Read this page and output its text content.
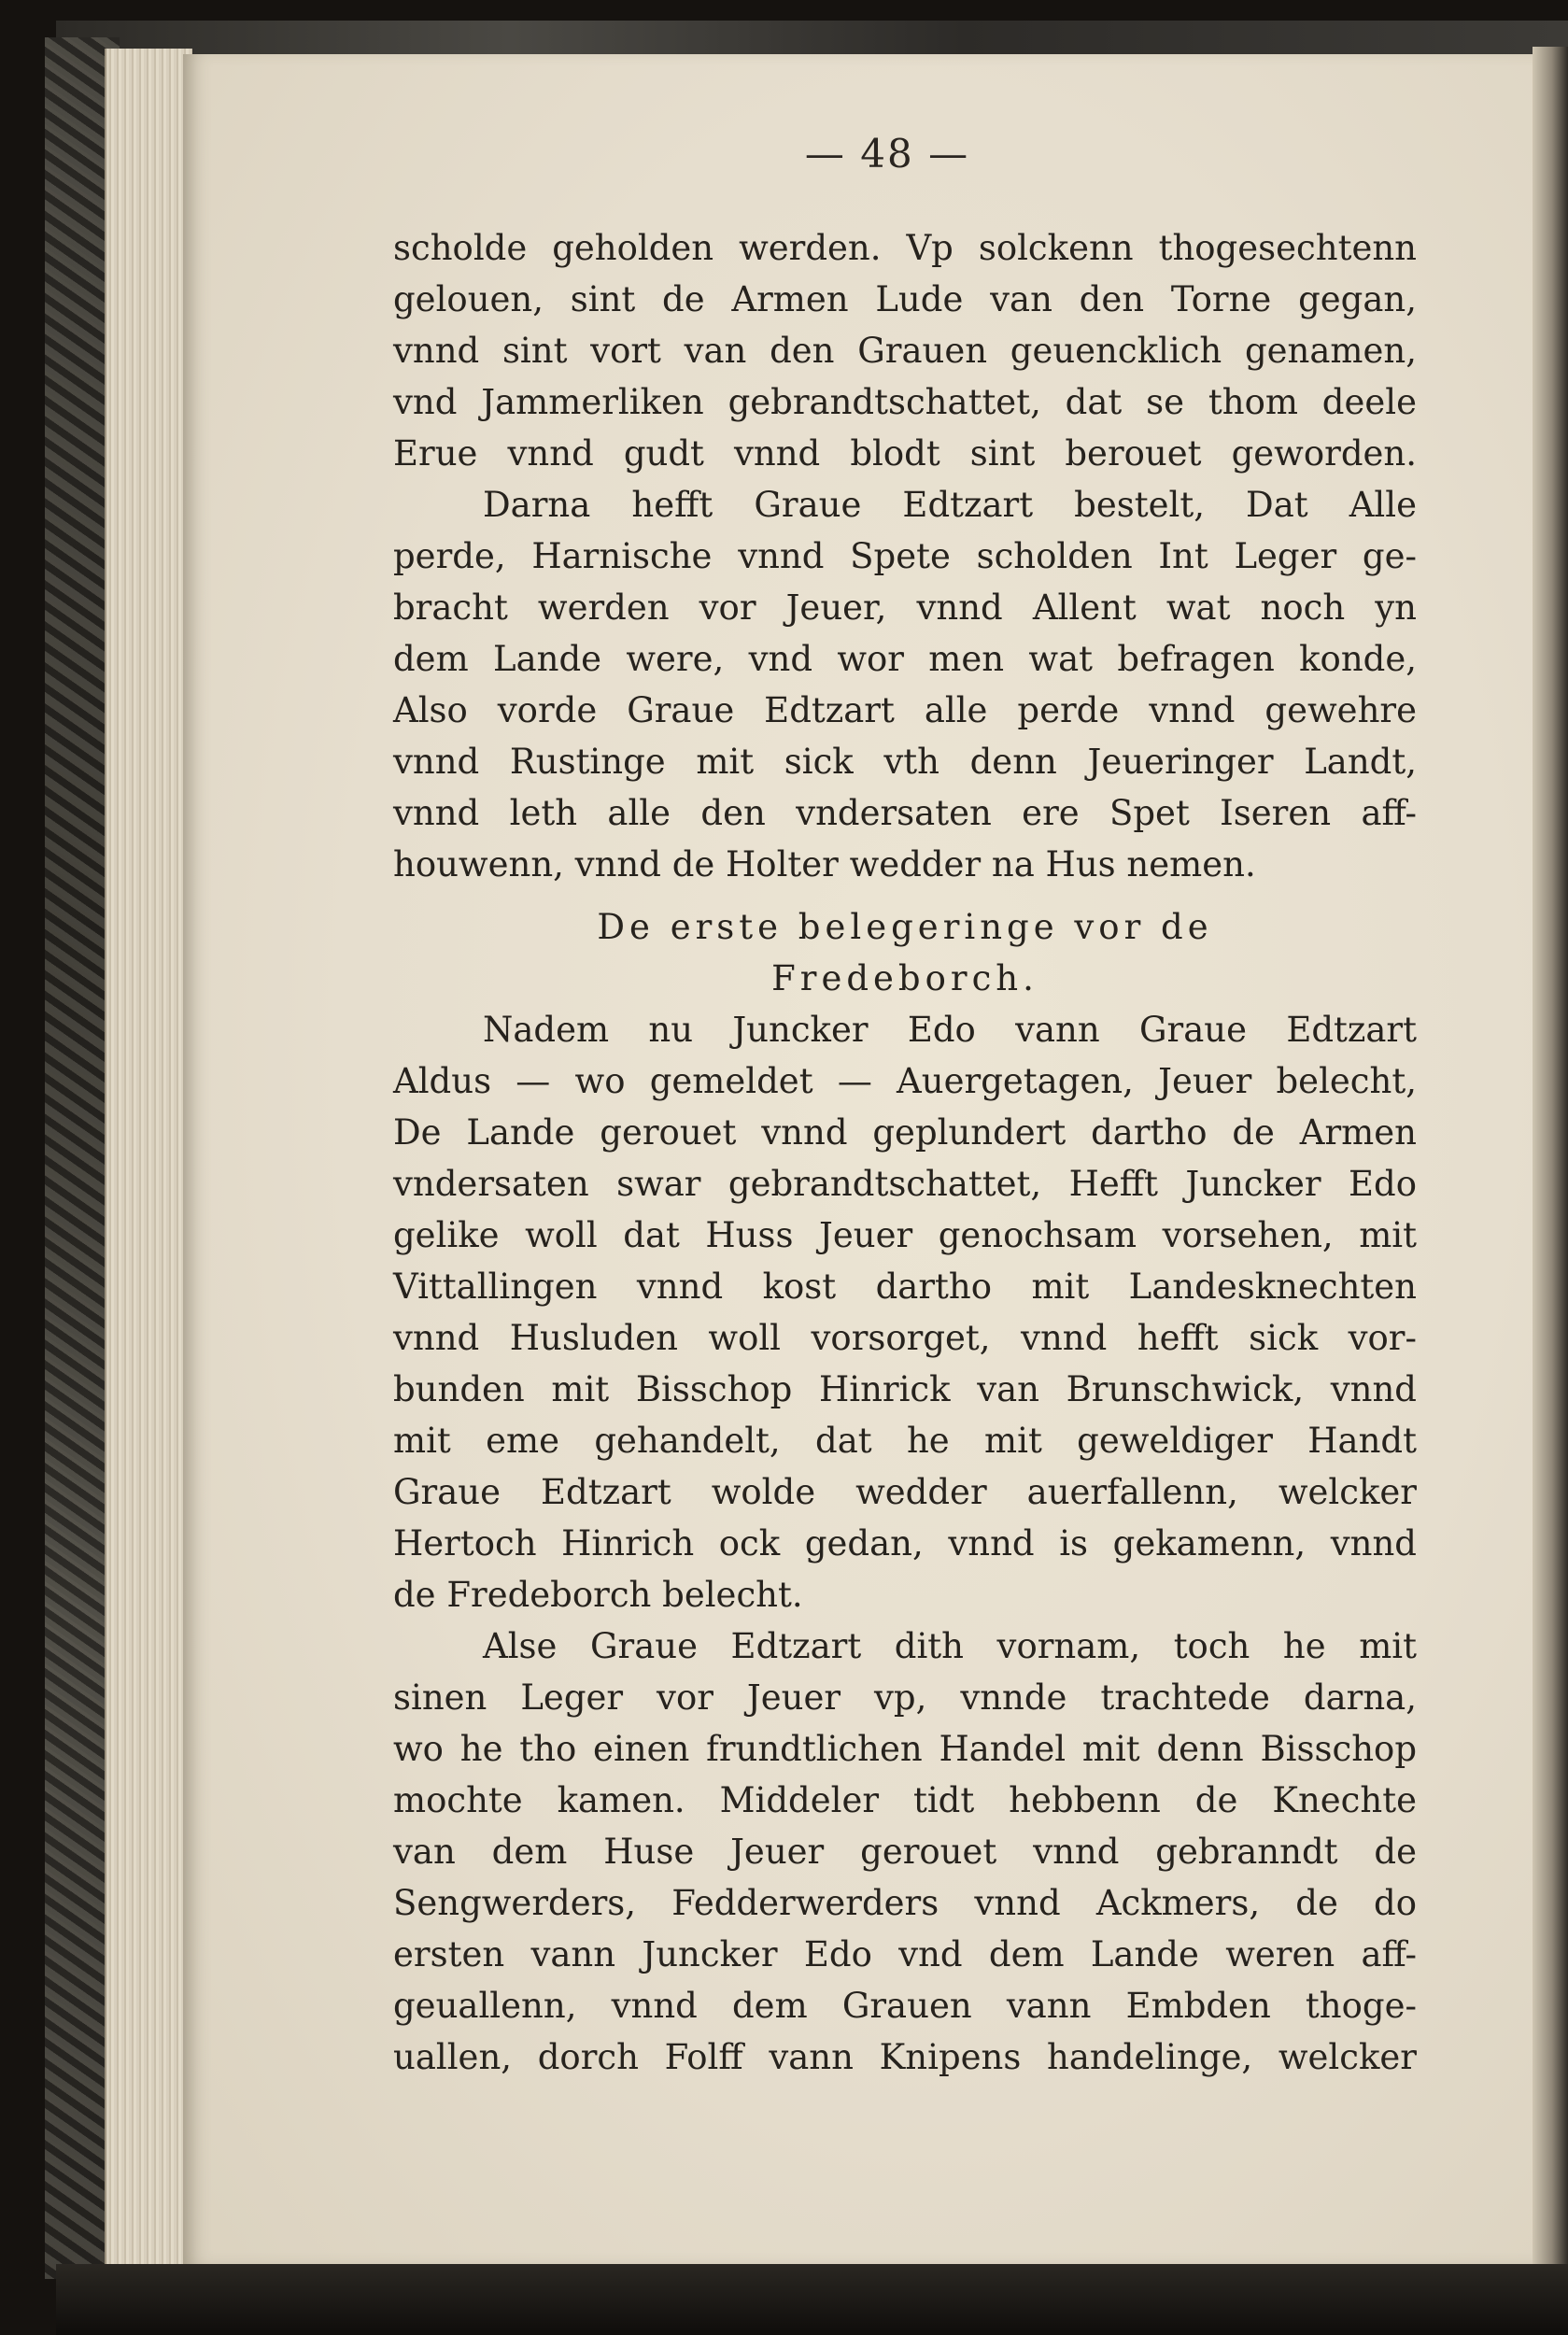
— 48 —
scholde geholden werden. Vp solckenn thogesechtenn
gelouen, sint de Armen Lude van den Torne gegan,
vnnd sint vort van den Grauen geuencklich genamen,
vnd Jammerliken gebrandtschattet, dat se thom deele
Erue vnnd gudt vnnd blodt sint berouet geworden.
Darna hefft Graue Edtzart bestelt, Dat Alle
perde, Harnische vnnd Spete scholden Int Leger ge-
bracht werden vor Jeuer, vnnd Allent wat noch yn
dem Lande were, vnd wor men wat befragen konde,
Also vorde Graue Edtzart alle perde vnnd gewehre
vnnd Rustinge mit sick vth denn Jeueringer Landt,
vnnd leth alle den vndersaten ere Spet Iseren aff-
houwenn, vnnd de Holter wedder na Hus nemen.
De erste belegeringe vor de
Fredeborch.
Nadem nu Juncker Edo vann Graue Edtzart
Aldus — wo gemeldet — Auergetagen, Jeuer belecht,
De Lande gerouet vnnd geplundert dartho de Armen
vndersaten swar gebrandtschattet, Hefft Juncker Edo
gelike woll dat Huss Jeuer genochsam vorsehen, mit
Vittallingen vnnd kost dartho mit Landesknechten
vnnd Husluden woll vorsorget, vnnd hefft sick vor-
bunden mit Bisschop Hinrick van Brunschwick, vnnd
mit eme gehandelt, dat he mit geweldiger Handt
Graue Edtzart wolde wedder auerfallenn, welcker
Hertoch Hinrich ock gedan, vnnd is gekamenn, vnnd
de Fredeborch belecht.
Alse Graue Edtzart dith vornam, toch he mit
sinen Leger vor Jeuer vp, vnnde trachtede darna,
wo he tho einen frundtlichen Handel mit denn Bisschop
mochte kamen. Middeler tidt hebbenn de Knechte
van dem Huse Jeuer gerouet vnnd gebranndt de
Sengwerders, Fedderwerders vnnd Ackmers, de do
ersten vann Juncker Edo vnd dem Lande weren aff-
geuallenn, vnnd dem Grauen vann Embden thoge-
uallen, dorch Folff vann Knipens handelinge, welcker
